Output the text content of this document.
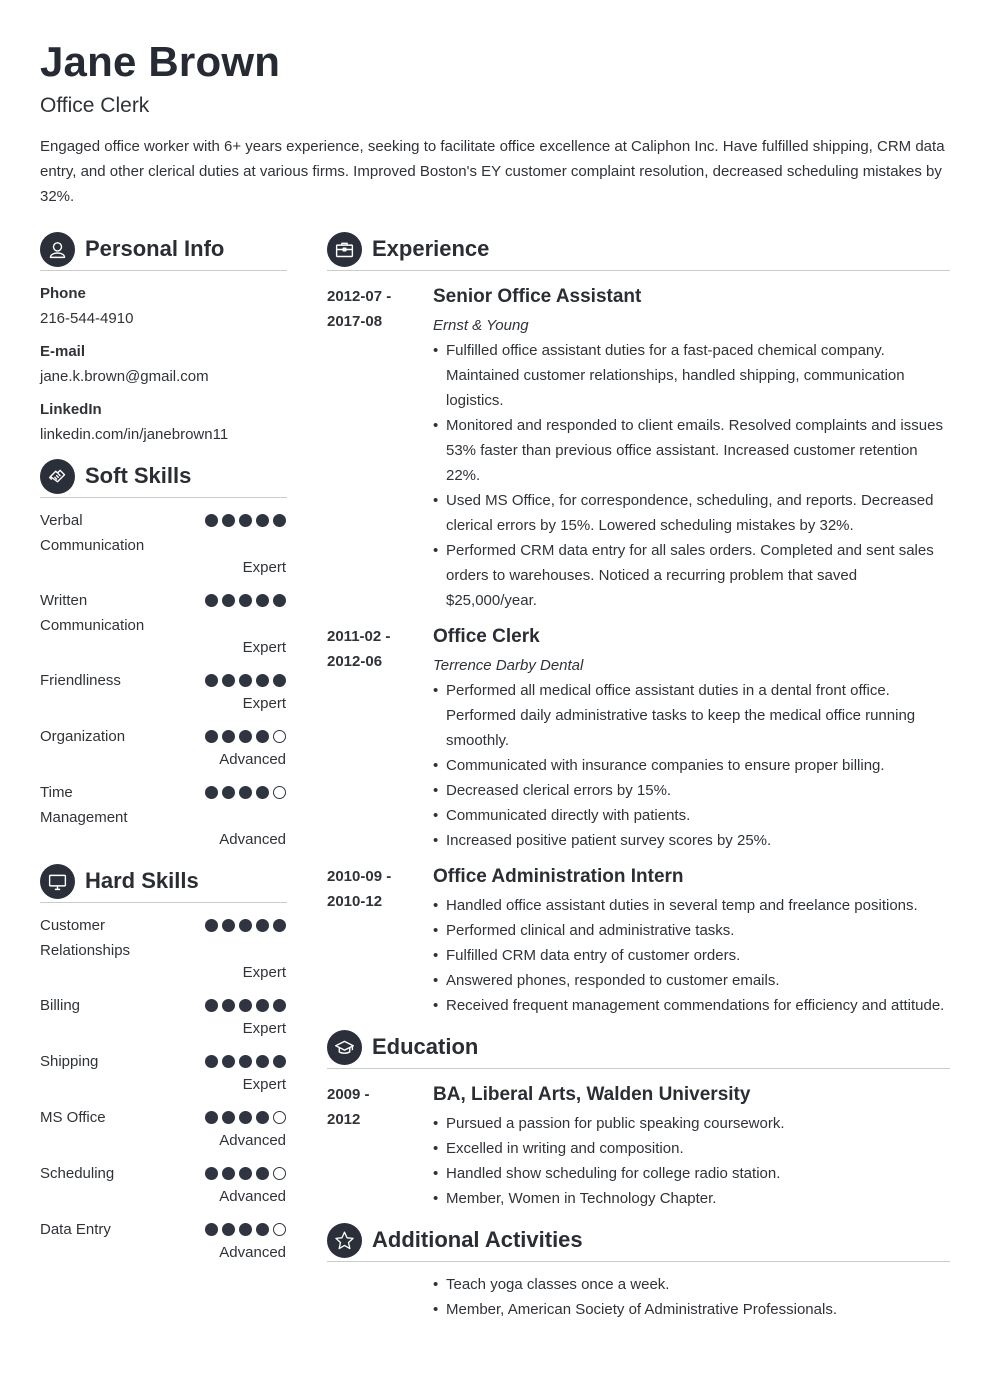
Jane Brown
Office Clerk

Engaged office worker with 6+ years experience, seeking to facilitate office excellence at Caliphon Inc. Have fulfilled shipping, CRM data entry, and other clerical duties at various firms. Improved Boston's EY customer complaint resolution, decreased scheduling mistakes by 32%.

Personal Info
Phone
216-544-4910
E-mail
jane.k.brown@gmail.com
LinkedIn
linkedin.com/in/janebrown11
Soft Skills
Verbal Communication
Expert
Written Communication
Expert
Friendliness
Expert
Organization
Advanced
Time Management
Advanced
Hard Skills
Customer Relationships
Expert
Billing
Expert
Shipping
Expert
MS Office
Advanced
Scheduling
Advanced
Data Entry
Advanced
Experience
2012-07 -
2017-08
Senior Office Assistant
Ernst & Young
• Fulfilled office assistant duties for a fast-paced chemical company. Maintained customer relationships, handled shipping, communication logistics.
• Monitored and responded to client emails. Resolved complaints and issues 53% faster than previous office assistant. Increased customer retention 22%.
• Used MS Office, for correspondence, scheduling, and reports. Decreased clerical errors by 15%. Lowered scheduling mistakes by 32%.
• Performed CRM data entry for all sales orders. Completed and sent sales orders to warehouses. Noticed a recurring problem that saved $25,000/year.
2011-02 -
2012-06
Office Clerk
Terrence Darby Dental
• Performed all medical office assistant duties in a dental front office. Performed daily administrative tasks to keep the medical office running smoothly.
• Communicated with insurance companies to ensure proper billing.
• Decreased clerical errors by 15%.
• Communicated directly with patients.
• Increased positive patient survey scores by 25%.
2010-09 -
2010-12
Office Administration Intern
• Handled office assistant duties in several temp and freelance positions.
• Performed clinical and administrative tasks.
• Fulfilled CRM data entry of customer orders.
• Answered phones, responded to customer emails.
• Received frequent management commendations for efficiency and attitude.
Education
2009 -
2012
BA, Liberal Arts, Walden University
• Pursued a passion for public speaking coursework.
• Excelled in writing and composition.
• Handled show scheduling for college radio station.
• Member, Women in Technology Chapter.
Additional Activities
• Teach yoga classes once a week.
• Member, American Society of Administrative Professionals.
